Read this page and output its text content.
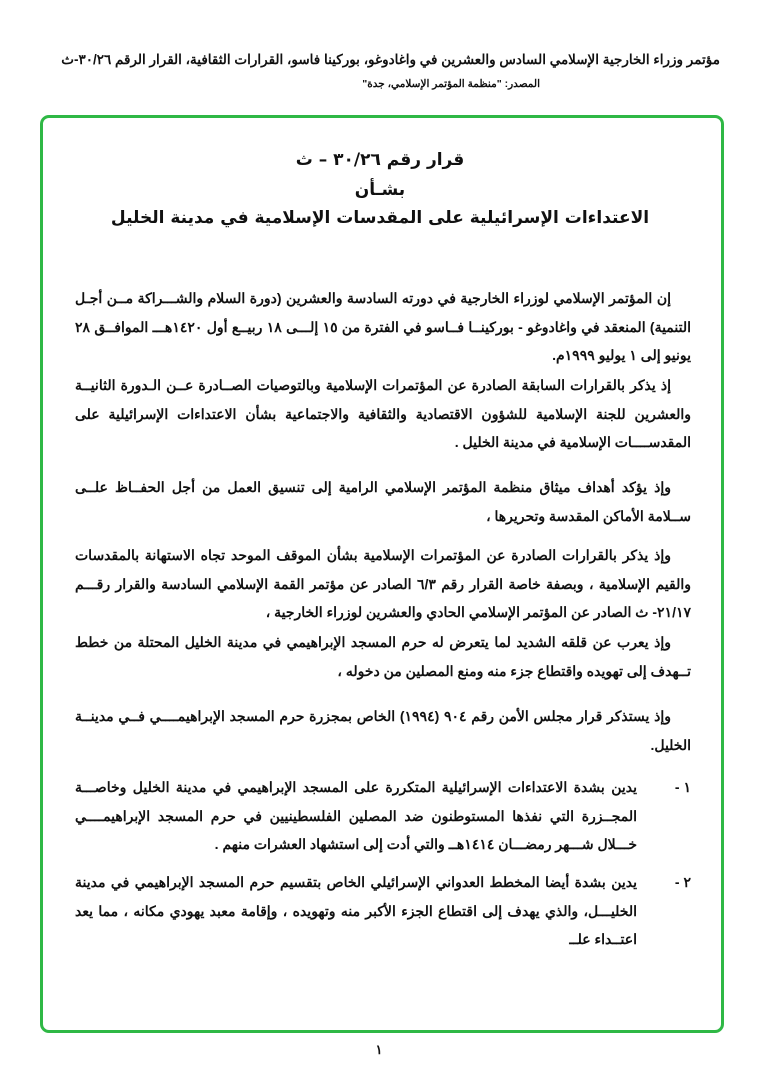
مؤتمر وزراء الخارجية الإسلامي السادس والعشرين في واغادوغو، بوركينا فاسو، القرارات الثقافية، القرار الرقم ٣٠/٢٦-ث
المصدر: "منظمة المؤتمر الإسلامي، جدة"
قرار رقم ٣٠/٢٦ – ث
بشـأن
الاعتداءات الإسرائيلية على المقدسات الإسلامية في مدينة الخليل

إن المؤتمر الإسلامي لوزراء الخارجية في دورته السادسة والعشرين (دورة السلام والشـــراكة مــن أجـل التنمية) المنعقد في واغادوغو - بوركينــا فــاسو في الفترة من ١٥ إلـــى ١٨ ربيــع أول ١٤٢٠هـــ الموافــق ٢٨ يونيو إلى ١ يوليو ١٩٩٩م.

إذ يذكر بالقرارات السابقة الصادرة عن المؤتمرات الإسلامية وبالتوصيات الصــادرة عــن الـدورة الثانيــة والعشرين للجنة الإسلامية للشؤون الاقتصادية والثقافية والاجتماعية بشأن الاعتداءات الإسرائيلية على المقدســــات الإسلامية في مدينة الخليل .

وإذ يؤكد أهداف ميثاق منظمة المؤتمر الإسلامي الرامية إلى تنسيق العمل من أجل الحفــاظ علــى ســلامة الأماكن المقدسة وتحريرها ،

وإذ يذكر بالقرارات الصادرة عن المؤتمرات الإسلامية بشأن الموقف الموحد تجاه الاستهانة بالمقدسات والقيم الإسلامية ، وبصفة خاصة القرار رقم ٦/٣ الصادر عن مؤتمر القمة الإسلامي السادسة والقرار رقـــم ٢١/١٧- ث الصادر عن المؤتمر الإسلامي الحادي والعشرين لوزراء الخارجية ،

وإذ يعرب عن قلقه الشديد لما يتعرض له حرم المسجد الإبراهيمي في مدينة الخليل المحتلة من خطط تــهدف إلى تهويده واقتطاع جزء منه ومنع المصلين من دخوله ،

وإذ يستذكر قرار مجلس الأمن رقم ٩٠٤ (١٩٩٤) الخاص بمجزرة حرم المسجد الإبراهيمــــي فــي مدينــة الخليل.

١ -
يدين بشدة الاعتداءات الإسرائيلية المتكررة على المسجد الإبراهيمي في مدينة الخليل وخاصـــة المجــزرة التي نفذها المستوطنون ضد المصلين الفلسطينيين في حرم المسجد الإبراهيمــــي خـــلال شـــهر رمضـــان ١٤١٤هــ والتي أدت إلى استشهاد العشرات منهم .
٢ -
يدين بشدة أيضا المخطط العدواني الإسرائيلي الخاص بتقسيم حرم المسجد الإبراهيمي في مدينة الخليـــل، والذي يهدف إلى اقتطاع الجزء الأكبر منه وتهويده ، وإقامة معبد يهودي مكانه ، مما يعد اعتــداء علــ
١
